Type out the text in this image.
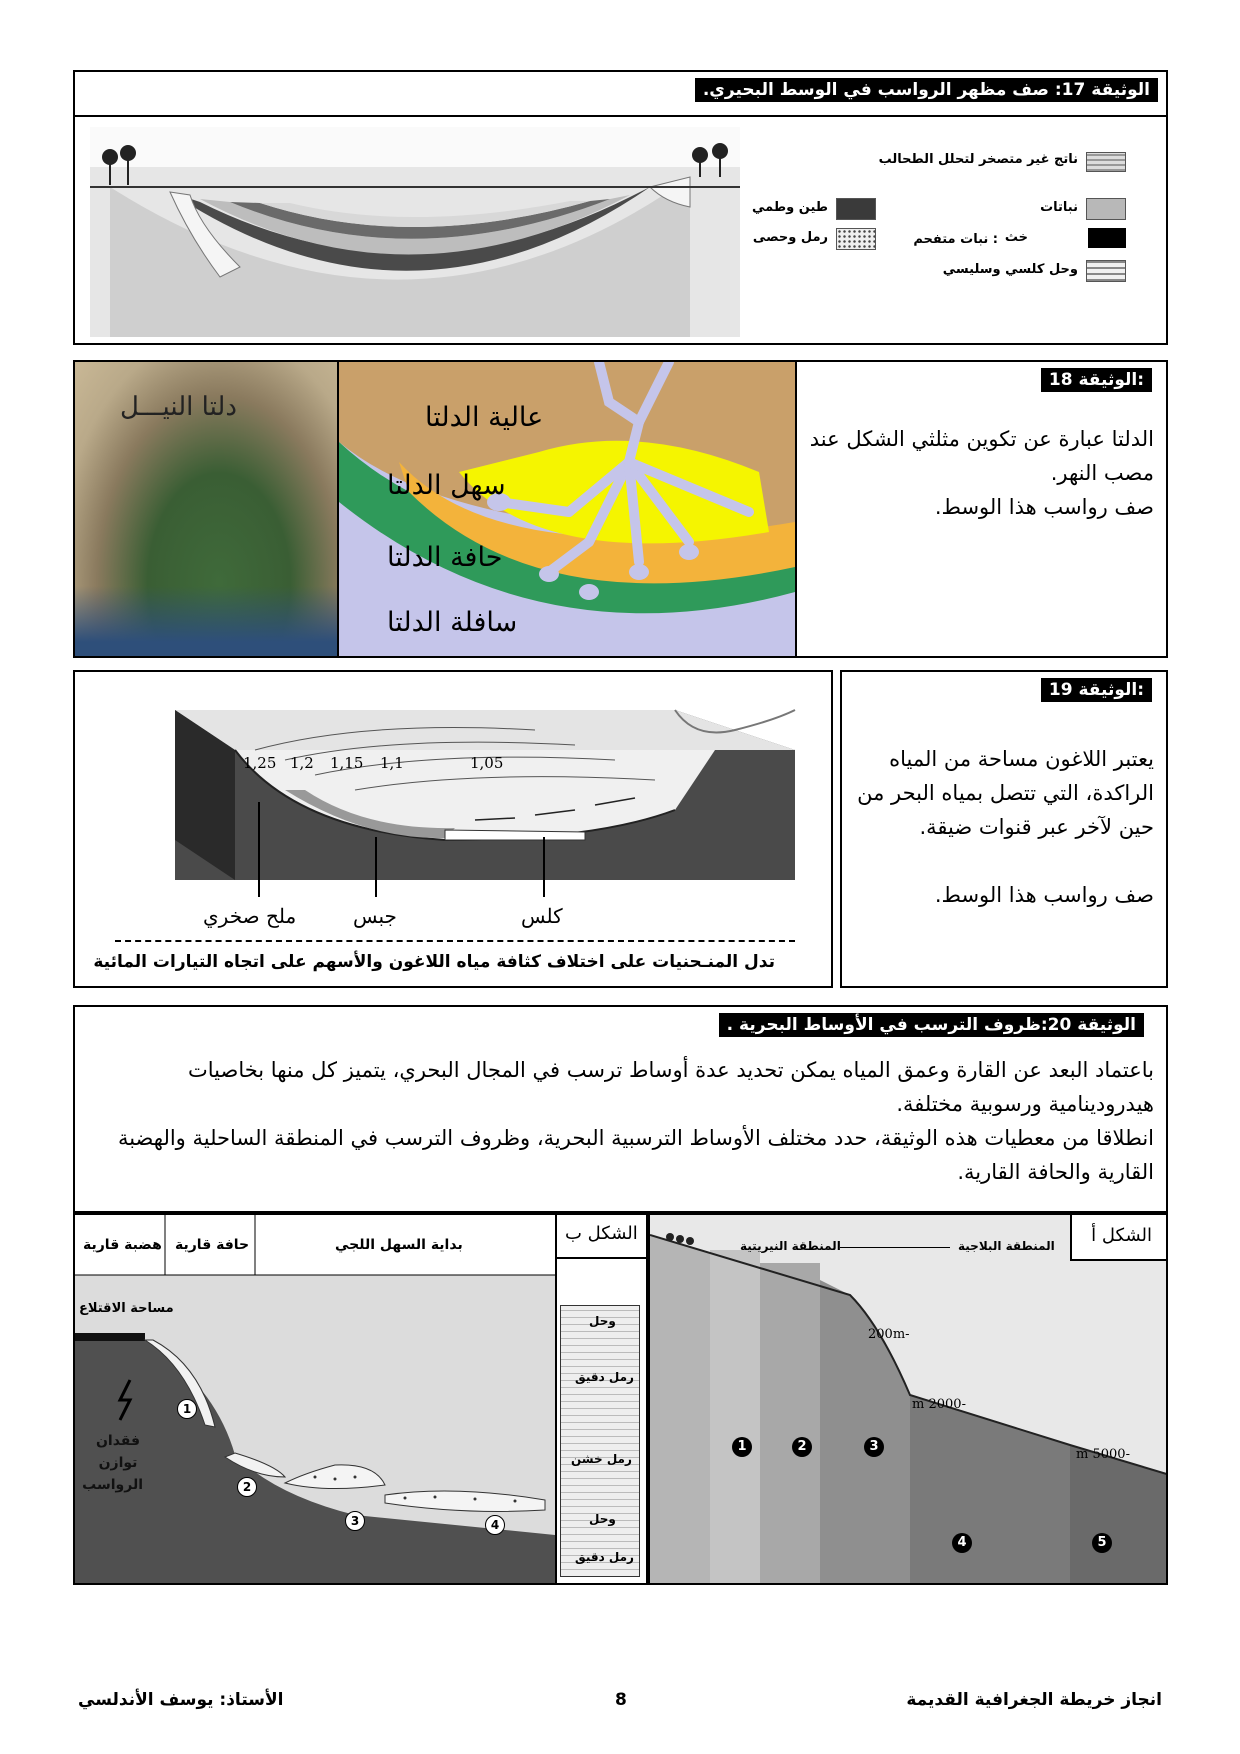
الوثيقة 17: صف مظهر الرواسب في الوسط البحيري.
ناتج غير متصخر لتحلل الطحالب
نباتات
طين وطمي
خث
: نبات متفحم
رمل وحصى
وحل كلسي وسليسي
دلتا النيـــل	عالية الدلتا
سهل الدلتا
حافة الدلتا
سافلة الدلتا
:الوثيقة 18
الدلتا عبارة عن تكوين مثلثي الشكل عند مصب النهر.
صف رواسب هذا الوسط.
1,25 1,2 1,15 1,1	1,05
ملح صخري	جبس	كلس
تدل المنـحنيات على اختلاف كثافة مياه اللاغون والأسهم على اتجاه التيارات المائية
:الوثيقة 19
يعتبر اللاغون مساحة من المياه الراكدة، التي تتصل بمياه البحر من حين لآخر عبر قنوات ضيقة.
صف رواسب هذا الوسط.
الوثيقة 20:ظروف الترسب في الأوساط البحرية .
باعتماد البعد عن القارة وعمق المياه يمكن تحديد عدة أوساط ترسب في المجال البحري، يتميز كل منها بخاصيات هيدرودينامية ورسوبية مختلفة.
انطلاقا من معطيات هذه الوثيقة، حدد مختلف الأوساط الترسبية البحرية، وظروف الترسب في المنطقة الساحلية والهضبة القارية والحافة القارية.
هضبة قارية حافة قارية	بداية السهل اللجي
مساحة الاقتلاع
فقدان توازن الرواسب
1
2
3	4
الشكل ب
وحل
رمل دقيق
رمل خشن
وحل
رمل دقيق
المنطقة البلاجية
المنطقة النيريتية
-200m
-2000 m
-5000 m
الشكل أ
1	2	3
4	5
انجاز خريطة الجغرافية القديمة
8
الأستاذ: يوسف الأندلسي
